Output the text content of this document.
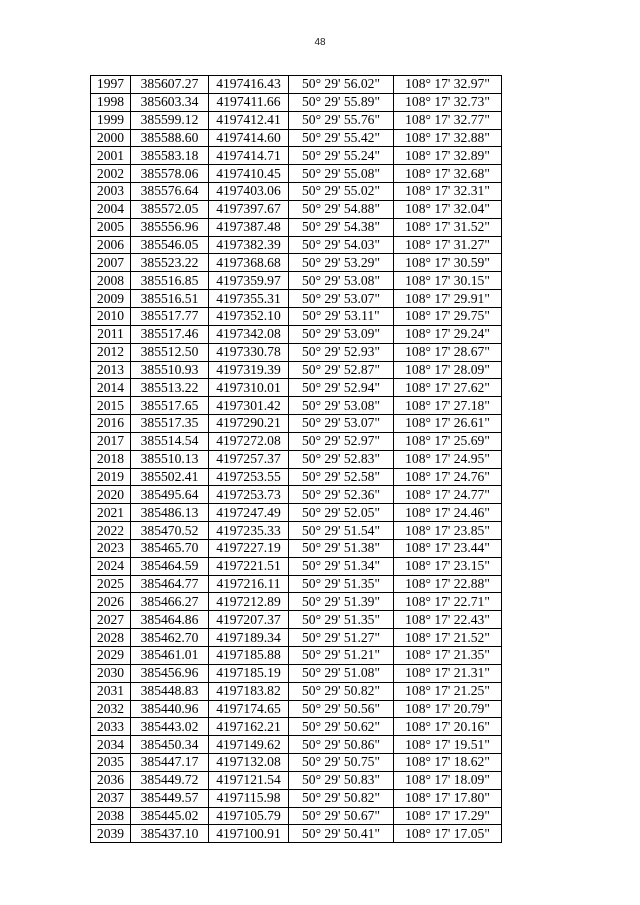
48
1997	385607.27	4197416.43	50° 29' 56.02"	108° 17' 32.97"
1998	385603.34	4197411.66	50° 29' 55.89"	108° 17' 32.73"
1999	385599.12	4197412.41	50° 29' 55.76"	108° 17' 32.77"
2000	385588.60	4197414.60	50° 29' 55.42"	108° 17' 32.88"
2001	385583.18	4197414.71	50° 29' 55.24"	108° 17' 32.89"
2002	385578.06	4197410.45	50° 29' 55.08"	108° 17' 32.68"
2003	385576.64	4197403.06	50° 29' 55.02"	108° 17' 32.31"
2004	385572.05	4197397.67	50° 29' 54.88"	108° 17' 32.04"
2005	385556.96	4197387.48	50° 29' 54.38"	108° 17' 31.52"
2006	385546.05	4197382.39	50° 29' 54.03"	108° 17' 31.27"
2007	385523.22	4197368.68	50° 29' 53.29"	108° 17' 30.59"
2008	385516.85	4197359.97	50° 29' 53.08"	108° 17' 30.15"
2009	385516.51	4197355.31	50° 29' 53.07"	108° 17' 29.91"
2010	385517.77	4197352.10	50° 29' 53.11"	108° 17' 29.75"
2011	385517.46	4197342.08	50° 29' 53.09"	108° 17' 29.24"
2012	385512.50	4197330.78	50° 29' 52.93"	108° 17' 28.67"
2013	385510.93	4197319.39	50° 29' 52.87"	108° 17' 28.09"
2014	385513.22	4197310.01	50° 29' 52.94"	108° 17' 27.62"
2015	385517.65	4197301.42	50° 29' 53.08"	108° 17' 27.18"
2016	385517.35	4197290.21	50° 29' 53.07"	108° 17' 26.61"
2017	385514.54	4197272.08	50° 29' 52.97"	108° 17' 25.69"
2018	385510.13	4197257.37	50° 29' 52.83"	108° 17' 24.95"
2019	385502.41	4197253.55	50° 29' 52.58"	108° 17' 24.76"
2020	385495.64	4197253.73	50° 29' 52.36"	108° 17' 24.77"
2021	385486.13	4197247.49	50° 29' 52.05"	108° 17' 24.46"
2022	385470.52	4197235.33	50° 29' 51.54"	108° 17' 23.85"
2023	385465.70	4197227.19	50° 29' 51.38"	108° 17' 23.44"
2024	385464.59	4197221.51	50° 29' 51.34"	108° 17' 23.15"
2025	385464.77	4197216.11	50° 29' 51.35"	108° 17' 22.88"
2026	385466.27	4197212.89	50° 29' 51.39"	108° 17' 22.71"
2027	385464.86	4197207.37	50° 29' 51.35"	108° 17' 22.43"
2028	385462.70	4197189.34	50° 29' 51.27"	108° 17' 21.52"
2029	385461.01	4197185.88	50° 29' 51.21"	108° 17' 21.35"
2030	385456.96	4197185.19	50° 29' 51.08"	108° 17' 21.31"
2031	385448.83	4197183.82	50° 29' 50.82"	108° 17' 21.25"
2032	385440.96	4197174.65	50° 29' 50.56"	108° 17' 20.79"
2033	385443.02	4197162.21	50° 29' 50.62"	108° 17' 20.16"
2034	385450.34	4197149.62	50° 29' 50.86"	108° 17' 19.51"
2035	385447.17	4197132.08	50° 29' 50.75"	108° 17' 18.62"
2036	385449.72	4197121.54	50° 29' 50.83"	108° 17' 18.09"
2037	385449.57	4197115.98	50° 29' 50.82"	108° 17' 17.80"
2038	385445.02	4197105.79	50° 29' 50.67"	108° 17' 17.29"
2039	385437.10	4197100.91	50° 29' 50.41"	108° 17' 17.05"
